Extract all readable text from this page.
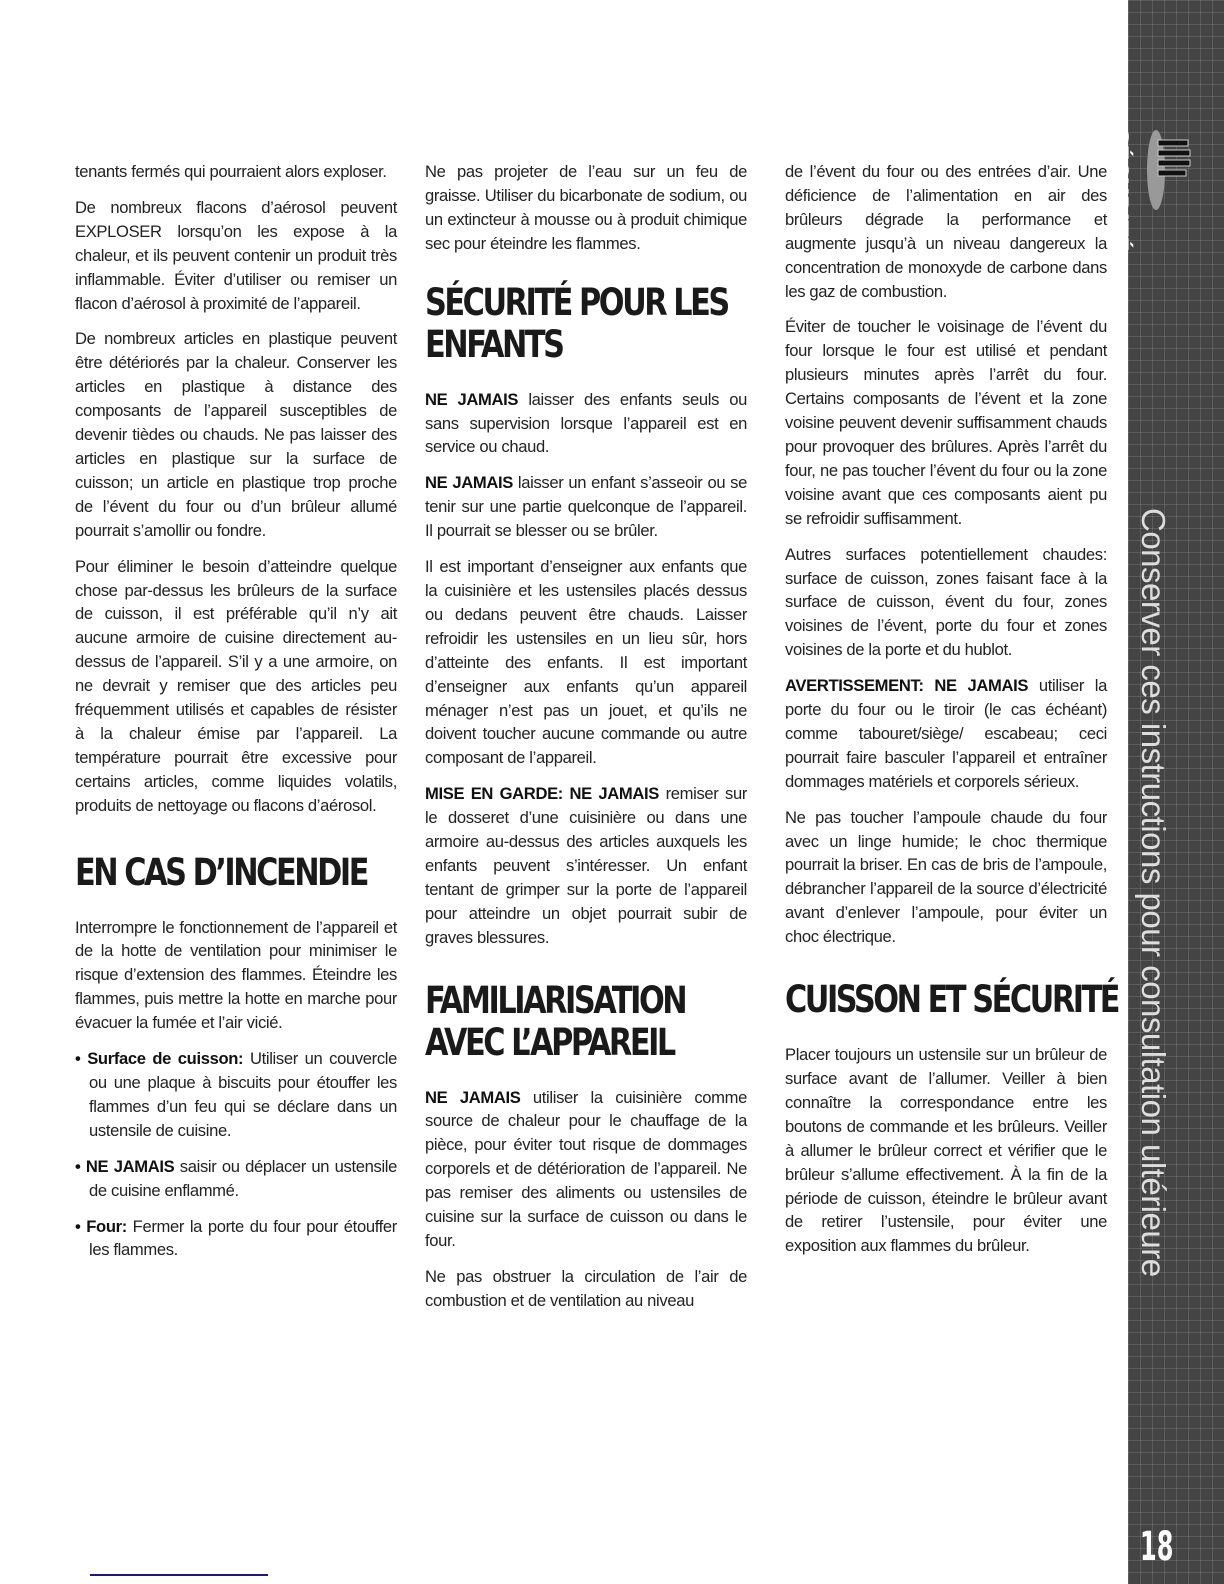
tenants fermés qui pourraient alors exploser.

De nombreux flacons d’aérosol peuvent EXPLOSER lorsqu’on les expose à la chaleur, et ils peuvent contenir un produit très inflammable. Éviter d’utiliser ou remiser un flacon d’aérosol à proximité de l’appareil.

De nombreux articles en plastique peuvent être détériorés par la chaleur. Conserver les articles en plastique à distance des composants de l’appareil susceptibles de devenir tièdes ou chauds. Ne pas laisser des articles en plastique sur la surface de cuisson; un article en plastique trop proche de l’évent du four ou d’un brûleur allumé pourrait s’amollir ou fondre.

Pour éliminer le besoin d’atteindre quelque chose par-dessus les brûleurs de la surface de cuisson, il est préférable qu’il n’y ait aucune armoire de cuisine directement au-dessus de l’appareil. S’il y a une armoire, on ne devrait y remiser que des articles peu fréquemment utilisés et capables de résister à la chaleur émise par l’appareil. La température pourrait être excessive pour certains articles, comme liquides volatils, produits de nettoyage ou flacons d’aérosol.

EN CAS D’INCENDIE

Interrompre le fonctionnement de l’appareil et de la hotte de ventilation pour minimiser le risque d’extension des flammes. Éteindre les flammes, puis mettre la hotte en marche pour évacuer la fumée et l’air vicié.

• Surface de cuisson: Utiliser un couvercle ou une plaque à biscuits pour étouffer les flammes d’un feu qui se déclare dans un ustensile de cuisine.

• NE JAMAIS saisir ou déplacer un ustensile de cuisine enflammé.

• Four: Fermer la porte du four pour étouffer les flammes.

Ne pas projeter de l’eau sur un feu de graisse. Utiliser du bicarbonate de sodium, ou un extincteur à mousse ou à produit chimique sec pour éteindre les flammes.

SÉCURITÉ POUR LES
ENFANTS

NE JAMAIS laisser des enfants seuls ou sans supervision lorsque l’appareil est en service ou chaud.

NE JAMAIS laisser un enfant s’asseoir ou se tenir sur une partie quelconque de l’appareil. Il pourrait se blesser ou se brûler.

Il est important d’enseigner aux enfants que la cuisinière et les ustensiles placés dessus ou dedans peuvent être chauds. Laisser refroidir les ustensiles en un lieu sûr, hors d’atteinte des enfants. Il est important d’enseigner aux enfants qu’un appareil ménager n’est pas un jouet, et qu’ils ne doivent toucher aucune commande ou autre composant de l’appareil.

MISE EN GARDE: NE JAMAIS remiser sur le dosseret d’une cuisinière ou dans une armoire au-dessus des articles auxquels les enfants peuvent s’intéresser. Un enfant tentant de grimper sur la porte de l’appareil pour atteindre un objet pourrait subir de graves blessures.

FAMILIARISATION
AVEC L’APPAREIL

NE JAMAIS utiliser la cuisinière comme source de chaleur pour le chauffage de la pièce, pour éviter tout risque de dommages corporels et de détérioration de l’appareil. Ne pas remiser des aliments ou ustensiles de cuisine sur la surface de cuisson ou dans le four.

Ne pas obstruer la circulation de l’air de combustion et de ventilation au niveau

de l’évent du four ou des entrées d’air. Une déficience de l’alimentation en air des brûleurs dégrade la performance et augmente jusqu’à un niveau dangereux la concentration de monoxyde de carbone dans les gaz de combustion.

Éviter de toucher le voisinage de l’évent du four lorsque le four est utilisé et pendant plusieurs minutes après l’arrêt du four. Certains composants de l’évent et la zone voisine peuvent devenir suffisamment chauds pour provoquer des brûlures. Après l’arrêt du four, ne pas toucher l’évent du four ou la zone voisine avant que ces composants aient pu se refroidir suffisamment.

Autres surfaces potentiellement chaudes: surface de cuisson, zones faisant face à la surface de cuisson, évent du four, zones voisines de l’évent, porte du four et zones voisines de la porte et du hublot.

AVERTISSEMENT: NE JAMAIS utiliser la porte du four ou le tiroir (le cas échéant) comme tabouret/siège/ escabeau; ceci pourrait faire basculer l’appareil et entraîner dommages matériels et corporels sérieux.

Ne pas toucher l’ampoule chaude du four avec un linge humide; le choc thermique pourrait la briser. En cas de bris de l’ampoule, débrancher l’appareil de la source d’électricité avant d’enlever l’ampoule, pour éviter un choc électrique.

CUISSON ET SÉCURITÉ

Placer toujours un ustensile sur un brûleur de surface avant de l’allumer. Veiller à bien connaître la correspondance entre les boutons de commande et les brûleurs. Veiller à allumer le brûleur correct et vérifier que le brûleur s’allume effectivement. À la fin de la période de cuisson, éteindre le brûleur avant de retirer l’ustensile, pour éviter une exposition aux flammes du brûleur.

SÉCURITÉ
Conserver ces instructions pour consultation ultérieure
18
